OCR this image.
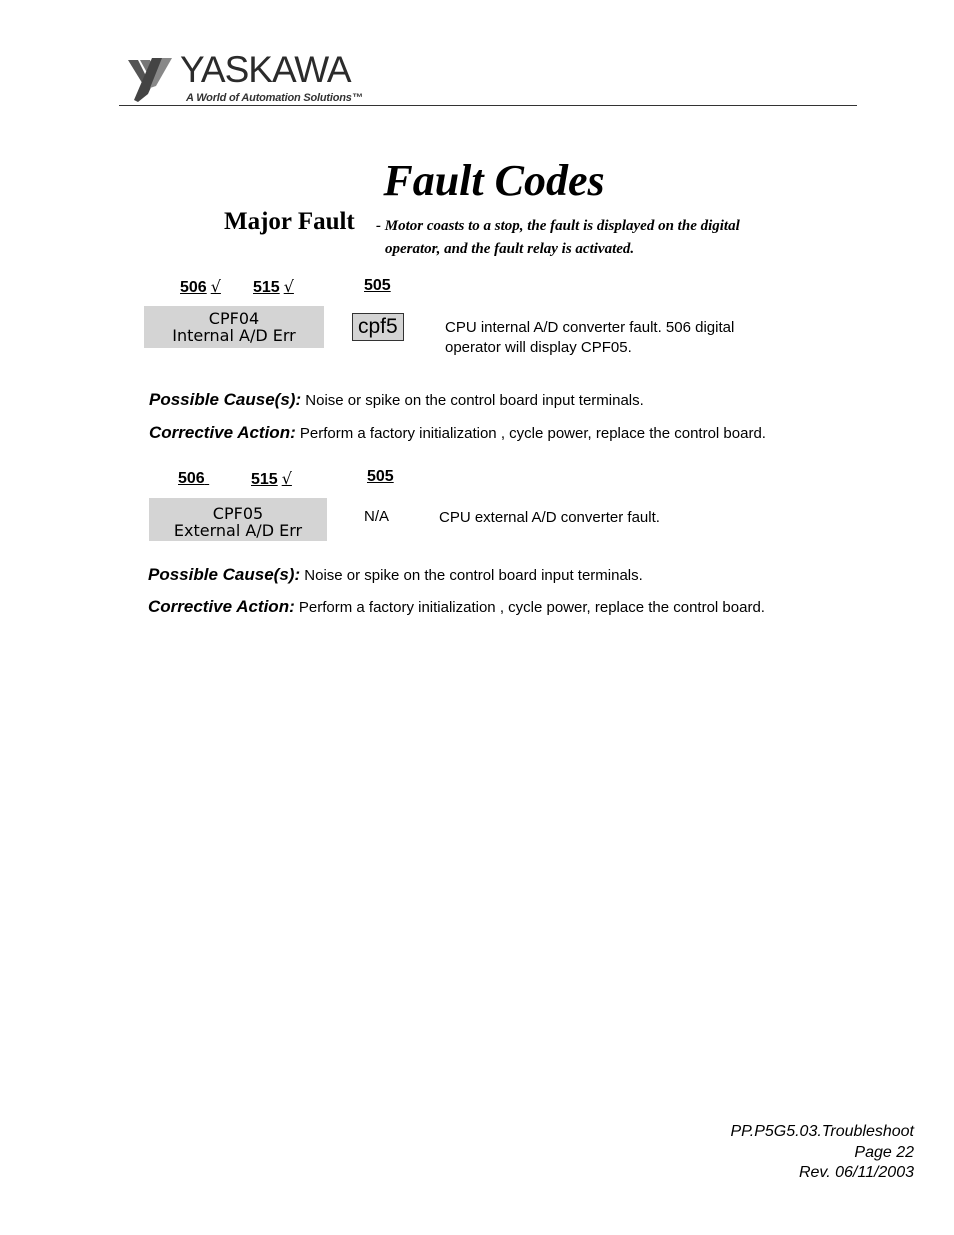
YASKAWA
A World of Automation Solutions™
Fault Codes
Major Fault - Motor coasts to a stop, the fault is displayed on the digital
operator, and the fault relay is activated.
506 √ 515 √	505
CPF04
Internal A/D Err	cpf5	CPU internal A/D converter fault. 506 digital
operator will display CPF05.
Possible Cause(s): Noise or spike on the control board input terminals.
Corrective Action: Perform a factory initialization , cycle power, replace the control board.
506	515 √	505
CPF05
External A/D Err
N/A	CPU external A/D converter fault.
Possible Cause(s): Noise or spike on the control board input terminals.
Corrective Action: Perform a factory initialization , cycle power, replace the control board.
PP.P5G5.03.Troubleshoot
Page 22
Rev. 06/11/2003
